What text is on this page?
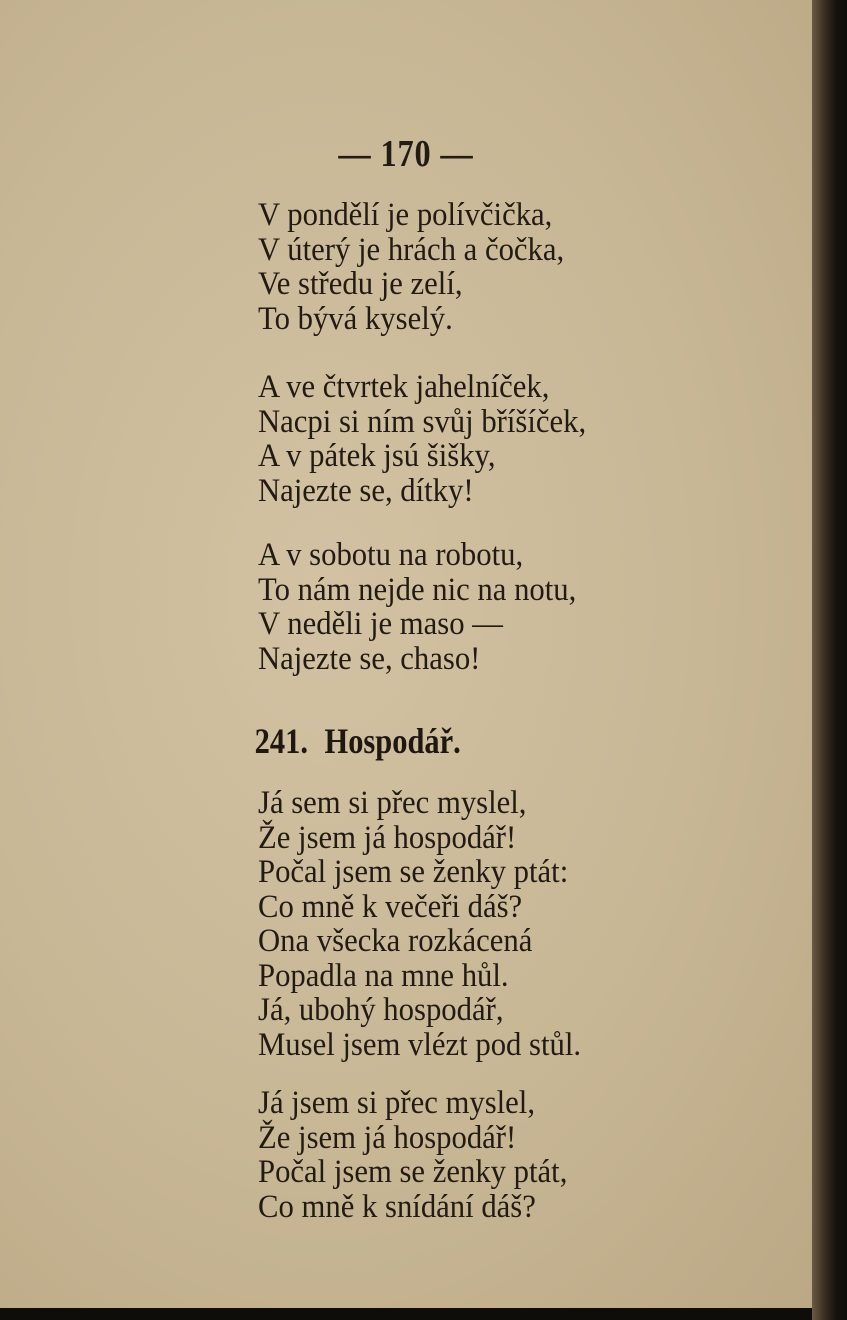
— 170 —
V pondělí je polívčička,
V úterý je hrách a čočka,
Ve středu je zelí,
To bývá kyselý.
A ve čtvrtek jahelníček,
Nacpi si ním svůj bříšíček,
A v pátek jsú šišky,
Najezte se, dítky!
A v sobotu na robotu,
To nám nejde nic na notu,
V neděli je maso —
Najezte se, chaso!
241. Hospodář.
Já sem si přec myslel,
Že jsem já hospodář!
Počal jsem se ženky ptát:
Co mně k večeři dáš?
Ona všecka rozkácená
Popadla na mne hůl.
Já, ubohý hospodář,
Musel jsem vlézt pod stůl.
Já jsem si přec myslel,
Že jsem já hospodář!
Počal jsem se ženky ptát,
Co mně k snídání dáš?
